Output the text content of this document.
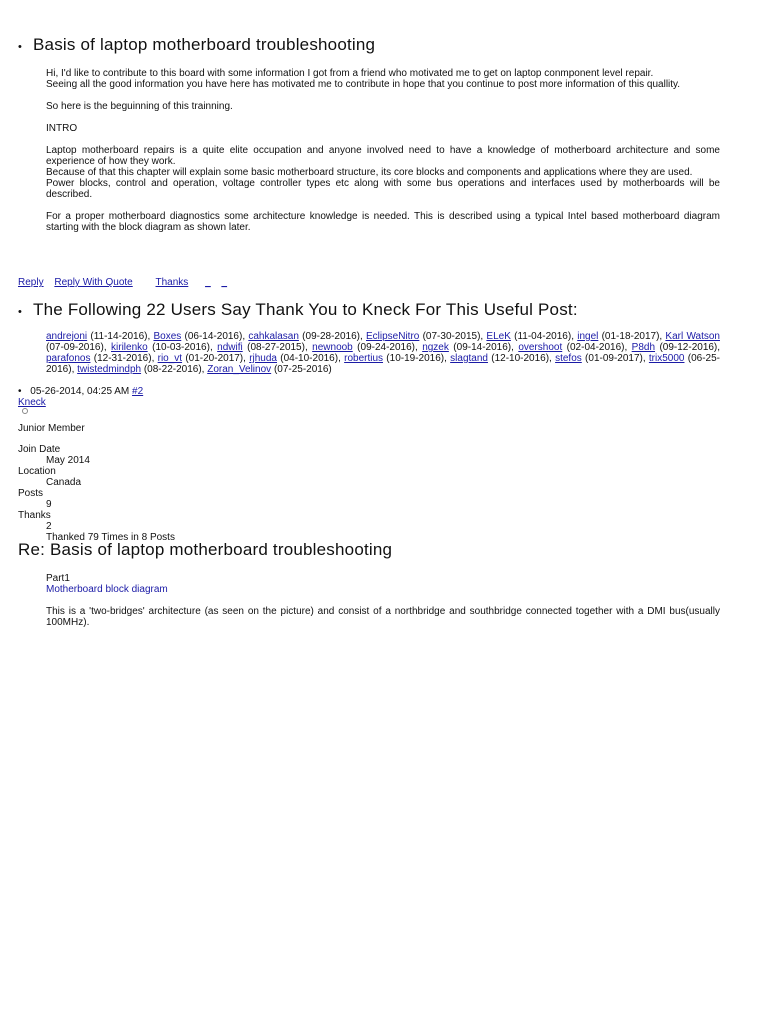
• Basis of laptop motherboard troubleshooting

Hi, I'd like to contribute to this board with some information I got from a friend who motivated me to get on laptop conmponent level repair.
Seeing all the good information you have here has motivated me to contribute in hope that you continue to post more information of this quallity.

So here is the beguinning of this trainning.

INTRO

Laptop motherboard repairs is a quite elite occupation and anyone involved need to have a knowledge of motherboard architecture and some experience of how they work.
Because of that this chapter will explain some basic motherboard structure, its core blocks and components and applications where they are used.
Power blocks, control and operation, voltage controller types etc along with some bus operations and interfaces used by motherboards will be described.

For a proper motherboard diagnostics some architecture knowledge is needed. This is described using a typical Intel based motherboard diagram starting with the block diagram as shown later.

Reply Reply With Quote Thanks _ _
• The Following 22 Users Say Thank You to Kneck For This Useful Post:
andrejoni (11-14-2016), Boxes (06-14-2016), cahkalasan (09-28-2016), EclipseNitro (07-30-2015), ELeK (11-04-2016), ingel (01-18-2017), Karl Watson (07-09-2016), kirilenko (10-03-2016), ndwifi (08-27-2015), newnoob (09-24-2016), ngzek (09-14-2016), overshoot (02-04-2016), P8dh (09-12-2016), parafonos (12-31-2016), rio_vt (01-20-2017), rjhuda (04-10-2016), robertius (10-19-2016), slagtand (12-10-2016), stefos (01-09-2017), trix5000 (06-25-2016), twistedmindph (08-22-2016), Zoran_Velinov (07-25-2016)
• 05-26-2014, 04:25 AM #2
Kneck
Junior Member
Join Date
May 2014
Location
Canada
Posts
9
Thanks
2
Thanked 79 Times in 8 Posts
Re: Basis of laptop motherboard troubleshooting
Part1
Motherboard block diagram
This is a 'two-bridges' architecture (as seen on the picture) and consist of a northbridge and southbridge connected together with a DMI bus(usually 100MHz).
